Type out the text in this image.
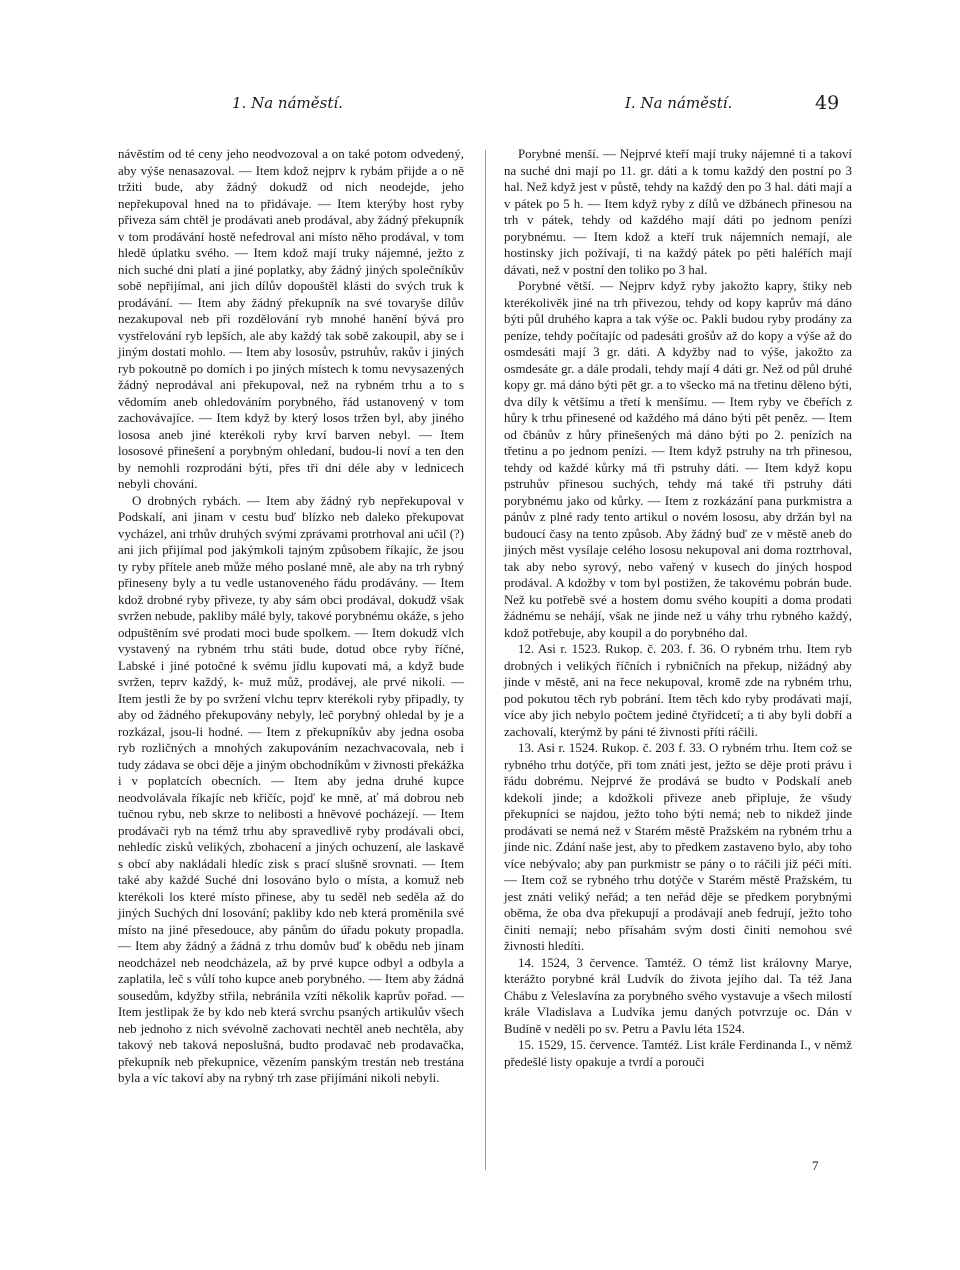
1. Na náměstí.	I. Na náměstí.	49

návěstím od té ceny jeho neodvozoval a on také potom odvedený, aby výše nenasazoval. — Item kdož nejprv k rybám přijde a o ně tržiti bude, aby žádný dokudž od nich neodejde, jeho nepřekupoval hned na to přidávaje. — Item kterýby host ryby přiveza sám chtěl je prodávati aneb prodával, aby žádný překupník v tom prodávání hostě nefedroval ani místo něho prodával, v tom hledě úplatku svého. — Item kdož mají truky nájemné, ježto z nich suché dni platí a jiné poplatky, aby žádný jiných společníkův sobě nepřijímal, ani jich dílův dopouštěl klásti do svých truk k prodávání. — Item aby žádný překupník na své tovaryše dílův nezakupoval neb při rozdělování ryb mnohé hanění bývá pro vystřelování ryb lepších, ale aby každý tak sobě zakoupil, aby se i jiným dostati mohlo. — Item aby lososův, pstruhův, rakův i jiných ryb pokoutně po domích i po jiných místech k tomu nevysazených žádný neprodával ani překupoval, než na rybném trhu a to s vědomím aneb ohledováním porybného, řád ustanovený v tom zachovávajíce. — Item když by který losos tržen byl, aby jiného lososa aneb jiné kterékoli ryby krví barven nebyl. — Item lososové přinešení a porybným ohledaní, budou-li noví a ten den by nemohli rozprodáni býti, přes tři dni déle aby v lednicech nebyli chováni.

O drobných rybách. — Item aby žádný ryb nepřekupoval v Podskalí, ani jinam v cestu buď blízko neb daleko překupovat vycházel, ani trhův druhých svými zprávami protrhoval ani učil (?) ani jich přijímal pod jakýmkoli tajným způsobem říkajíc, že jsou ty ryby přítele aneb může mého poslané mně, ale aby na trh rybný přineseny byly a tu vedle ustanoveného řádu prodávány. — Item kdož drobné ryby přiveze, ty aby sám obci prodával, dokudž však svržen nebude, pakliby málé byly, takové porybnému okáže, s jeho odpuštěním své prodati moci bude spolkem. — Item dokudž vlch vystavený na rybném trhu státi bude, dotud obce ryby říčné, Labské i jiné potočné k svému jídlu kupovati má, a když bude svržen, teprv každý, k- muž můž, prodávej, ale prvé nikoli. — Item jestli že by po svržení vlchu teprv kterékoli ryby připadly, ty aby od žádného překupovány nebyly, leč porybný ohledal by je a rozkázal, jsou-li hodné. — Item z překupníkův aby jedna osoba ryb rozličných a mnohých zakupováním nezachvacovala, neb i tudy zádava se obci děje a jiným obchodníkům v živnosti překážka i v poplatcích obecních. — Item aby jedna druhé kupce neodvolávala říkajíc neb křičíc, pojď ke mně, ať má dobrou neb tučnou rybu, neb skrze to nelibosti a hněvové pocházejí. — Item prodávači ryb na témž trhu aby spravedlivě ryby prodávali obci, nehledíc zisků velikých, zbohacení a jiných ochuzení, ale laskavě s obcí aby nakládali hledíc zisk s prací slušně srovnati. — Item také aby každé Suché dni losováno bylo o místa, a komuž neb kterékoli los které místo přinese, aby tu seděl neb seděla až do jiných Suchých dní losování; pakliby kdo neb která proměnila své místo na jiné přesedouce, aby pánům do úřadu pokuty propadla. — Item aby žádný a žádná z trhu domův buď k obědu neb jinam neodcházel neb neodcházela, až by prvé kupce odbyl a odbyla a zaplatila, leč s vůlí toho kupce aneb porybného. — Item aby žádná sousedům, kdyžby střila, nebránila vzíti několik kaprův pořad. — Item jestlipak že by kdo neb která svrchu psaných artikulův všech neb jednoho z nich svévolně zachovati nechtěl aneb nechtěla, aby takový neb taková neposlušná, budto prodavač neb prodavačka, překupník neb překupnice, vězením panským trestán neb trestána byla a víc takoví aby na rybný trh zase přijímáni nikoli nebyli.

Porybné menší. — Nejprvé kteří mají truky nájemné ti a takoví na suché dni mají po 11. gr. dáti a k tomu každý den postní po 3 hal. Než když jest v půstě, tehdy na každý den po 3 hal. dáti mají a v pátek po 5 h. — Item když ryby z dílů ve džbánech přinesou na trh v pátek, tehdy od každého mají dáti po jednom penízi porybnému. — Item kdož a kteří truk nájemních nemají, ale hostinsky jich požívají, ti na každý pátek po pěti haléřích mají dávati, než v postní den toliko po 3 hal.

Porybné větší. — Nejprv když ryby jakožto kapry, štiky neb kterékolivěk jiné na trh přivezou, tehdy od kopy kaprův má dáno býti půl druhého kapra a tak výše oc. Pakli budou ryby prodány za peníze, tehdy počítajíc od padesáti grošův až do kopy a výše až do osmdesáti mají 3 gr. dáti. A kdyžby nad to výše, jakožto za osmdesáte gr. a dále prodali, tehdy mají 4 dáti gr. Než od půl druhé kopy gr. má dáno býti pět gr. a to všecko má na třetinu děleno býti, dva díly k většímu a třetí k menšímu. — Item ryby ve čbeřích z hůry k trhu přinesené od každého má dáno býti pět peněz. — Item od čbánův z hůry přinešených má dáno býti po 2. penízích na třetinu a po jednom penízi. — Item když pstruhy na trh přinesou, tehdy od každé kůrky má tři pstruhy dáti. — Item když kopu pstruhův přinesou suchých, tehdy má také tři pstruhy dáti porybnému jako od kůrky. — Item z rozkázání pana purkmistra a pánův z plné rady tento artikul o novém lososu, aby držán byl na budoucí časy na tento způsob. Aby žádný buď ze v městě aneb do jiných měst vysílaje celého lososu nekupoval ani doma roztrhoval, tak aby nebo syrový, nebo vařený v kusech do jiných hospod prodával. A kdožby v tom byl postižen, že takovému pobrán bude. Než ku potřebě své a hostem domu svého koupiti a doma prodati žádnému se nehájí, však ne jinde než u váhy trhu rybného každý, kdož potřebuje, aby koupil a do porybného dal.

12. Asi r. 1523. Rukop. č. 203. f. 36. O rybném trhu. Item ryb drobných i velikých říčních i rybničních na překup, nižádný aby jinde v městě, ani na řece nekupoval, kromě zde na rybném trhu, pod pokutou těch ryb pobrání. Item těch kdo ryby prodávati mají, více aby jich nebylo počtem jediné čtyřidcetí; a ti aby byli dobří a zachovalí, kterýmž by páni té živnosti příti ráčili.

13. Asi r. 1524. Rukop. č. 203 f. 33. O rybném trhu. Item což se rybného trhu dotýče, při tom znáti jest, ježto se děje proti právu i řádu dobrému. Nejprvé že prodává se budto v Podskalí aneb kdekoli jinde; a kdožkoli přiveze aneb připluje, že všudy překupníci se najdou, ježto toho býti nemá; neb to nikdež jinde prodávati se nemá než v Starém městě Pražském na rybném trhu a jinde nic. Zdání naše jest, aby to předkem zastaveno bylo, aby toho více nebývalo; aby pan purkmistr se pány o to ráčili již péči míti. — Item což se rybného trhu dotýče v Starém městě Pražském, tu jest znáti veliký neřád; a ten neřád děje se předkem porybnými oběma, že oba dva překupují a prodávají aneb fedrují, ježto toho činiti nemají; nebo přísahám svým dosti činiti nemohou své živnosti hledíti.

14. 1524, 3 července. Tamtéž. O témž list královny Marye, kterážto porybné král Ludvík do života jejího dal. Ta též Jana Chábu z Veleslavína za porybného svého vystavuje a všech milostí krále Vladislava a Ludvíka jemu daných potvrzuje oc. Dán v Budíně v neděli po sv. Petru a Pavlu léta 1524.

15. 1529, 15. července. Tamtéž. List krále Ferdinanda I., v němž předešlé listy opakuje a tvrdí a porouči

7
